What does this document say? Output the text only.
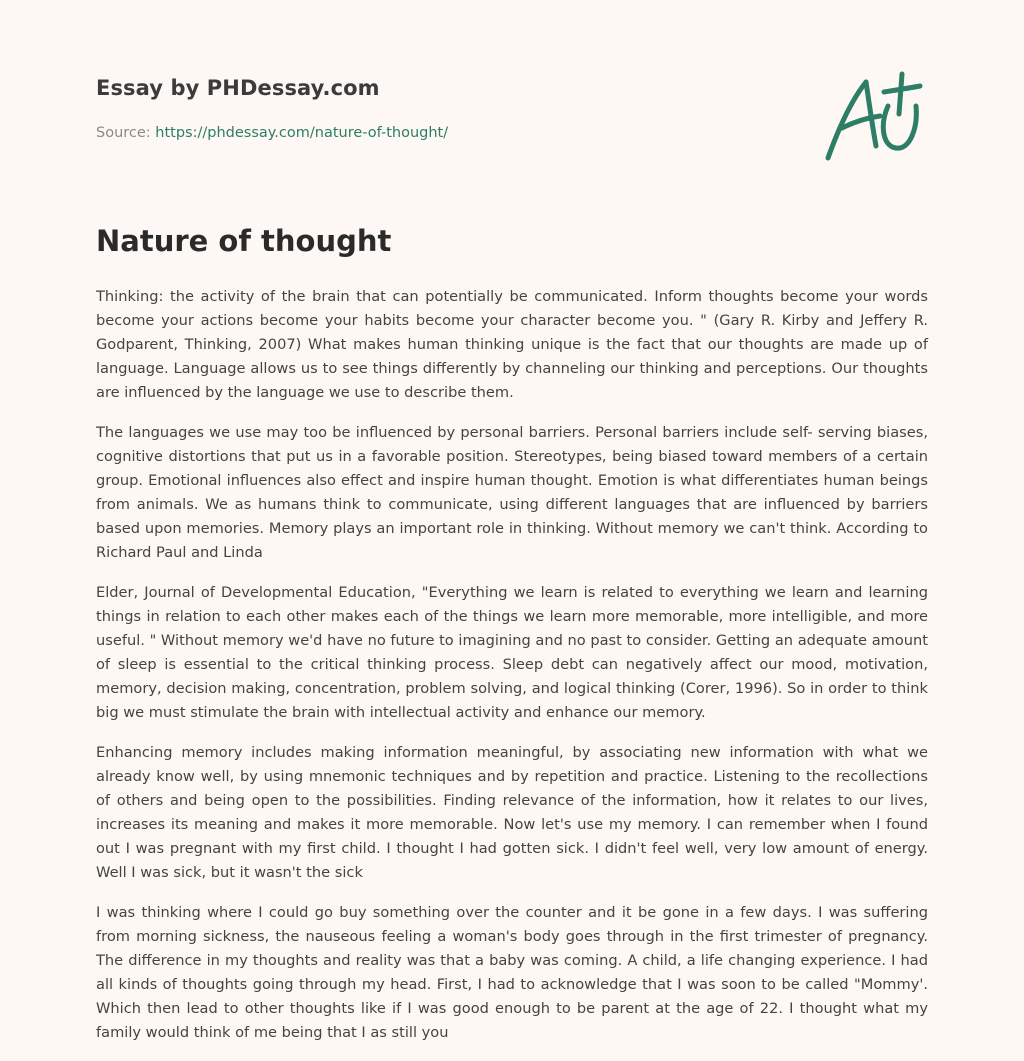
Essay by PHDessay.com
Source: https://phdessay.com/nature-of-thought/
Nature of thought

Thinking: the activity of the brain that can potentially be communicated. Inform thoughts become your words become your actions become your habits become your character become you. " (Gary R. Kirby and Jeffery R. Godparent, Thinking, 2007) What makes human thinking unique is the fact that our thoughts are made up of language. Language allows us to see things differently by channeling our thinking and perceptions. Our thoughts are influenced by the language we use to describe them.

The languages we use may too be influenced by personal barriers. Personal barriers include self- serving biases, cognitive distortions that put us in a favorable position. Stereotypes, being biased toward members of a certain group. Emotional influences also effect and inspire human thought. Emotion is what differentiates human beings from animals. We as humans think to communicate, using different languages that are influenced by barriers based upon memories. Memory plays an important role in thinking. Without memory we can't think. According to Richard Paul and Linda

Elder, Journal of Developmental Education, "Everything we learn is related to everything we learn and learning things in relation to each other makes each of the things we learn more memorable, more intelligible, and more useful. " Without memory we'd have no future to imagining and no past to consider. Getting an adequate amount of sleep is essential to the critical thinking process. Sleep debt can negatively affect our mood, motivation, memory, decision making, concentration, problem solving, and logical thinking (Corer, 1996). So in order to think big we must stimulate the brain with intellectual activity and enhance our memory.

Enhancing memory includes making information meaningful, by associating new information with what we already know well, by using mnemonic techniques and by repetition and practice. Listening to the recollections of others and being open to the possibilities. Finding relevance of the information, how it relates to our lives, increases its meaning and makes it more memorable. Now let's use my memory. I can remember when I found out I was pregnant with my first child. I thought I had gotten sick. I didn't feel well, very low amount of energy. Well I was sick, but it wasn't the sick

I was thinking where I could go buy something over the counter and it be gone in a few days. I was suffering from morning sickness, the nauseous feeling a woman's body goes through in the first trimester of pregnancy. The difference in my thoughts and reality was that a baby was coming. A child, a life changing experience. I had all kinds of thoughts going through my head. First, I had to acknowledge that I was soon to be called "Mommy'. Which then lead to other thoughts like if I was good enough to be parent at the age of 22. I thought what my family would think of me being that I as still you
